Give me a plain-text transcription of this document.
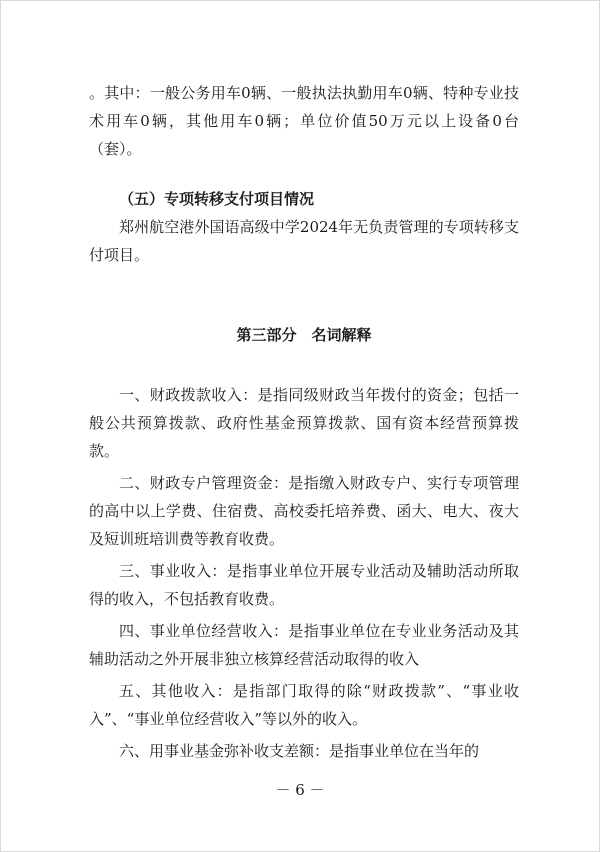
。其中：一般公务用车0辆、一般执法执勤用车0辆、特种专业技术用车0辆，其他用车0辆；单位价值50万元以上设备0台（套）。

（五）专项转移支付项目情况

郑州航空港外国语高级中学2024年无负责管理的专项转移支付项目。

第三部分　名词解释

一、财政拨款收入：是指同级财政当年拨付的资金；包括一般公共预算拨款、政府性基金预算拨款、国有资本经营预算拨款。

二、财政专户管理资金：是指缴入财政专户、实行专项管理的高中以上学费、住宿费、高校委托培养费、函大、电大、夜大及短训班培训费等教育收费。

三、事业收入：是指事业单位开展专业活动及辅助活动所取得的收入，不包括教育收费。

四、事业单位经营收入：是指事业单位在专业业务活动及其辅助活动之外开展非独立核算经营活动取得的收入

五、其他收入：是指部门取得的除“财政拨款”、“事业收入”、“事业单位经营收入”等以外的收入。

六、用事业基金弥补收支差额：是指事业单位在当年的

－ 6 －
